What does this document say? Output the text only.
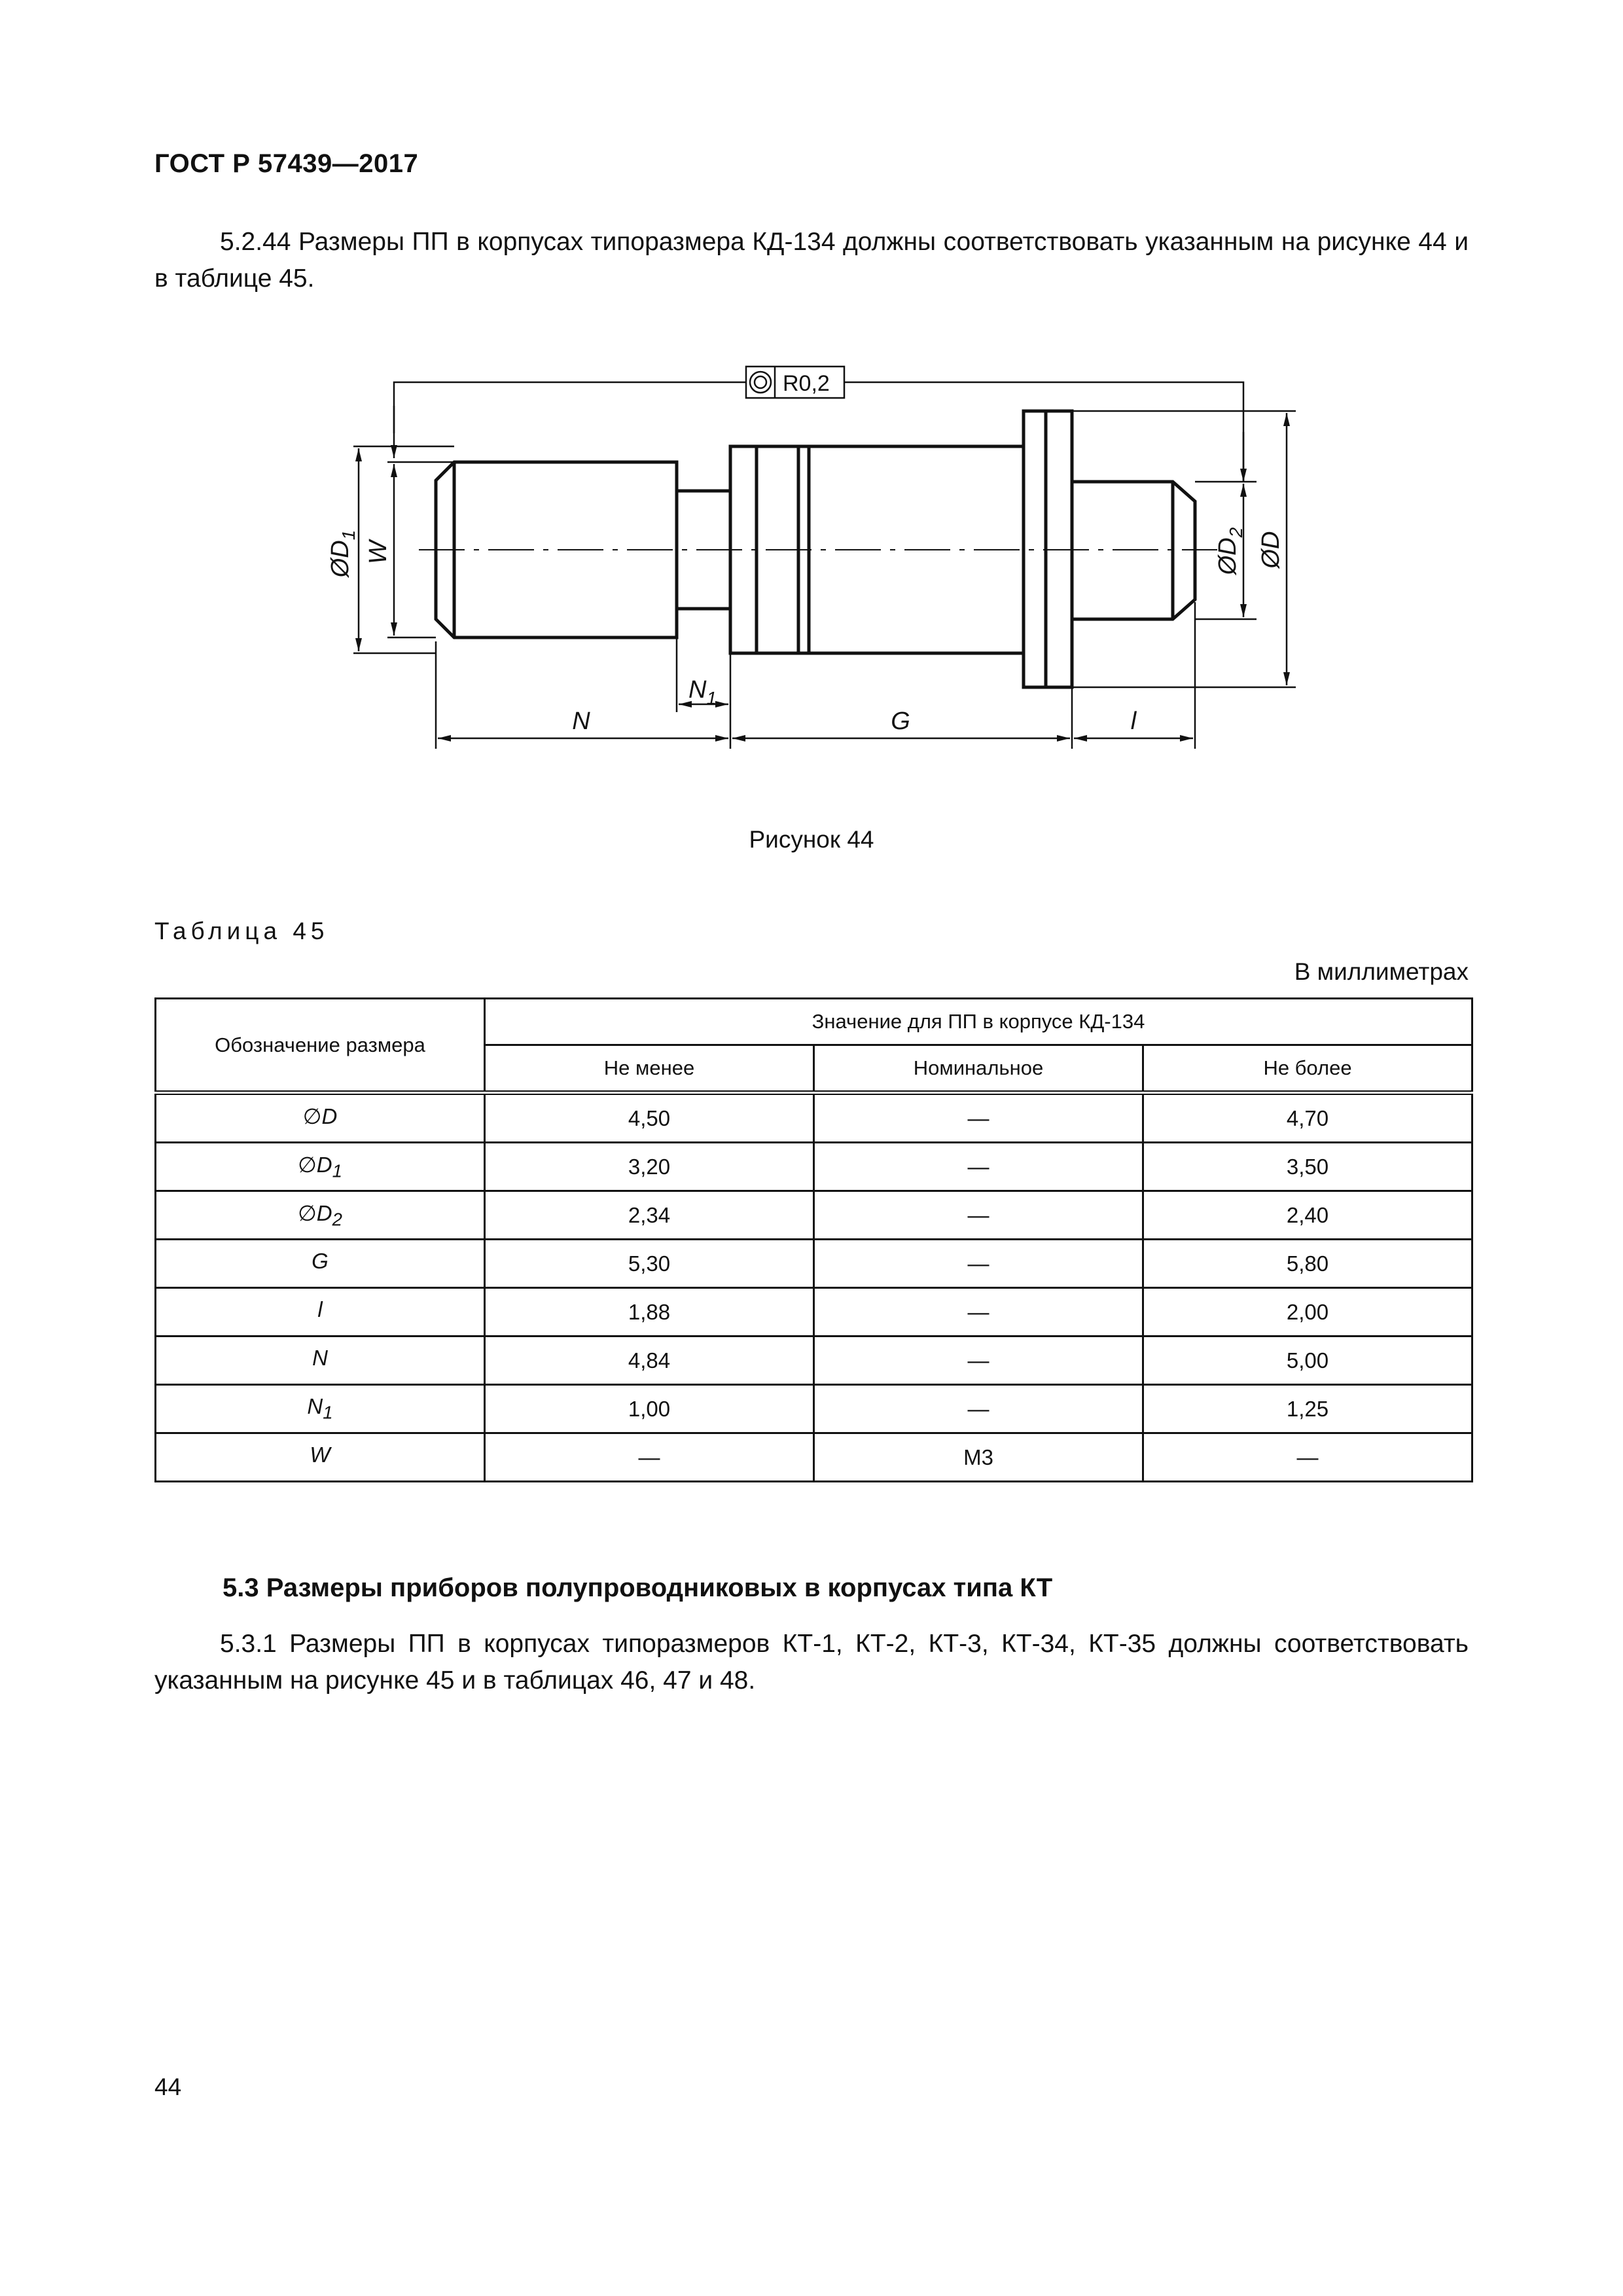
ГОСТ Р 57439—2017
5.2.44 Размеры ПП в корпусах типоразмера КД-134 должны соответствовать указанным на рисунке 44 и в таблице 45.
R0,2
$ØD_1$
W
$ØD_2$ ØD
$N_1$
N	G	l
Рисунок 44
Таблица 45
В миллиметрах
Обозначение размера	Значение для ПП в корпусе КД-134		
	Не менее	Номинальное	Не более
∅D	4,50	—	4,70
$\emptyset D_1$	3,20	—	3,50
$\emptyset D_2$	2,34	—	2,40
G	5,30	—	5,80
l	1,88	—	2,00
N	4,84	—	5,00
$N_1$	1,00	—	1,25
W	—	М3	—
5.3 Размеры приборов полупроводниковых в корпусах типа КТ
5.3.1 Размеры ПП в корпусах типоразмеров КТ-1, КТ-2, КТ-3, КТ-34, КТ-35 должны соответствовать указанным на рисунке 45 и в таблицах 46, 47 и 48.
44
